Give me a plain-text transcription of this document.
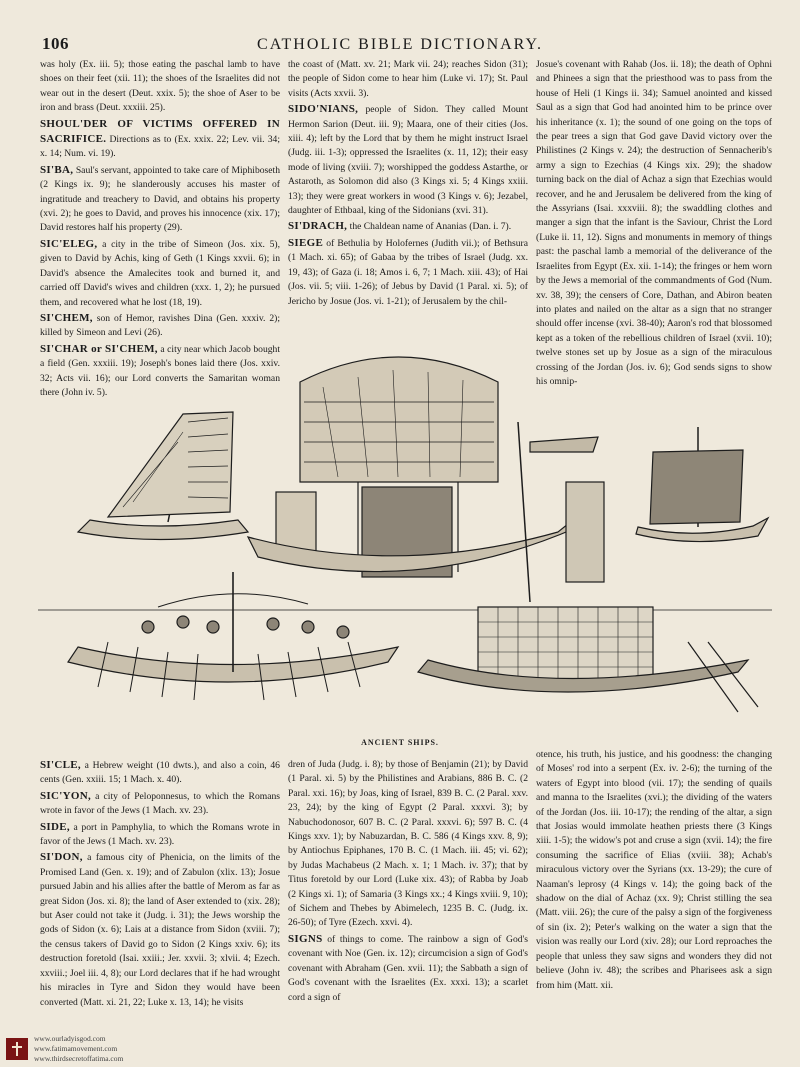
106	CATHOLIC BIBLE DICTIONARY.

was holy (Ex. iii. 5); those eating the paschal lamb to have shoes on their feet (xii. 11); the shoes of the Israelites did not wear out in the desert (Deut. xxix. 5); the shoe of Aser to be iron and brass (Deut. xxxiii. 25).

SHOUL'DER OF VICTIMS OFFERED IN SACRIFICE. Directions as to (Ex. xxix. 22; Lev. vii. 34; x. 14; Num. vi. 19).

SI'BA, Saul's servant, appointed to take care of Miphiboseth (2 Kings ix. 9); he slanderously accuses his master of ingratitude and treachery to David, and obtains his property (xvi. 2); he goes to David, and proves his innocence (xix. 17); David restores half his property (29).

SIC'ELEG, a city in the tribe of Simeon (Jos. xix. 5), given to David by Achis, king of Geth (1 Kings xxvii. 6); in David's absence the Amalecites took and burned it, and carried off David's wives and children (xxx. 1, 2); he pursued them, and recovered what he lost (18, 19).

SI'CHEM, son of Hemor, ravishes Dina (Gen. xxxiv. 2); killed by Simeon and Levi (26).

SI'CHAR or SI'CHEM, a city near which Jacob bought a field (Gen. xxxiii. 19); Joseph's bones laid there (Jos. xxiv. 32; Acts vii. 16); our Lord converts the Samaritan woman there (John iv. 5).

the coast of (Matt. xv. 21; Mark vii. 24); reaches Sidon (31); the people of Sidon come to hear him (Luke vi. 17); St. Paul visits (Acts xxvii. 3).

SIDO'NIANS, people of Sidon. They called Mount Hermon Sarion (Deut. iii. 9); Maara, one of their cities (Jos. xiii. 4); left by the Lord that by them he might instruct Israel (Judg. iii. 1-3); oppressed the Israelites (x. 11, 12); their easy mode of living (xviii. 7); worshipped the goddess Astarthe, or Astaroth, as Solomon did also (3 Kings xi. 5; 4 Kings xxiii. 13); they were great workers in wood (3 Kings v. 6); Jezabel, daughter of Ethbaal, king of the Sidonians (xvi. 31).

SI'DRACH, the Chaldean name of Ananias (Dan. i. 7).

SIEGE of Bethulia by Holofernes (Judith vii.); of Bethsura (1 Mach. xi. 65); of Gabaa by the tribes of Israel (Judg. xx. 19, 43); of Gaza (i. 18; Amos i. 6, 7; 1 Mach. xiii. 43); of Hai (Jos. vii. 5; viii. 1-26); of Jebus by David (1 Paral. xi. 5); of Jericho by Josue (Jos. vi. 1-21); of Jerusalem by the chil-

Josue's covenant with Rahab (Jos. ii. 18); the death of Ophni and Phinees a sign that the priesthood was to pass from the house of Heli (1 Kings ii. 34); Samuel anointed and kissed Saul as a sign that God had anointed him to be prince over his inheritance (x. 1); the sound of one going on the tops of the pear trees a sign that God gave David victory over the Philistines (2 Kings v. 24); the destruction of Sennacherib's army a sign to Ezechias (4 Kings xix. 29); the shadow turning back on the dial of Achaz a sign that Ezechias would recover, and he and Jerusalem be delivered from the king of the Assyrians (Isai. xxxviii. 8); the swaddling clothes and manger a sign that the infant is the Saviour, Christ the Lord (Luke ii. 11, 12). Signs and monuments in memory of things past: the paschal lamb a memorial of the deliverance of the Israelites from Egypt (Ex. xii. 1-14); the fringes or hem worn by the Jews a memorial of the commandments of God (Num. xv. 38, 39); the censers of Core, Dathan, and Abiron beaten into plates and nailed on the altar as a sign that no stranger should offer incense (xvi. 38-40); Aaron's rod that blossomed kept as a token of the rebellious children of Israel (xvii. 10); twelve stones set up by Josue as a sign of the miraculous crossing of the Jordan (Jos. iv. 6); God sends signs to show his omnip-

ANCIENT SHIPS.

SI'CLE, a Hebrew weight (10 dwts.), and also a coin, 46 cents (Gen. xxiii. 15; 1 Mach. x. 40).

SIC'YON, a city of Peloponnesus, to which the Romans wrote in favor of the Jews (1 Mach. xv. 23).

SIDE, a port in Pamphylia, to which the Romans wrote in favor of the Jews (1 Mach. xv. 23).

SI'DON, a famous city of Phenicia, on the limits of the Promised Land (Gen. x. 19); and of Zabulon (xlix. 13); Josue pursued Jabin and his allies after the battle of Merom as far as great Sidon (Jos. xi. 8); the land of Aser extended to (xix. 28); but Aser could not take it (Judg. i. 31); the Jews worship the gods of Sidon (x. 6); Lais at a distance from Sidon (xviii. 7); the census takers of David go to Sidon (2 Kings xxiv. 6); its destruction foretold (Isai. xxiii.; Jer. xxvii. 3; xlvii. 4; Ezech. xxviii.; Joel iii. 4, 8); our Lord declares that if he had wrought his miracles in Tyre and Sidon they would have been converted (Matt. xi. 21, 22; Luke x. 13, 14); he visits

dren of Juda (Judg. i. 8); by those of Benjamin (21); by David (1 Paral. xi. 5) by the Philistines and Arabians, 886 B. C. (2 Paral. xxi. 16); by Joas, king of Israel, 839 B. C. (2 Paral. xxv. 23, 24); by the king of Egypt (2 Paral. xxxvi. 3); by Nabuchodonosor, 607 B. C. (2 Paral. xxxvi. 6); 597 B. C. (4 Kings xxv. 1); by Nabuzardan, B. C. 586 (4 Kings xxv. 8, 9); by Antiochus Epiphanes, 170 B. C. (1 Mach. iii. 45; vi. 62); by Judas Machabeus (2 Mach. x. 1; 1 Mach. iv. 37); that by Titus foretold by our Lord (Luke xix. 43); of Rabba by Joab (2 Kings xi. 1); of Samaria (3 Kings xx.; 4 Kings xviii. 9, 10); of Sichem and Thebes by Abimelech, 1235 B. C. (Judg. ix. 26-50); of Tyre (Ezech. xxvi. 4).

SIGNS of things to come. The rainbow a sign of God's covenant with Noe (Gen. ix. 12); circumcision a sign of God's covenant with Abraham (Gen. xvii. 11); the Sabbath a sign of God's covenant with the Israelites (Ex. xxxi. 13); a scarlet cord a sign of

otence, his truth, his justice, and his goodness: the changing of Moses' rod into a serpent (Ex. iv. 2-6); the turning of the waters of Egypt into blood (vii. 17); the sending of quails and manna to the Israelites (xvi.); the dividing of the waters of the Jordan (Jos. iii. 10-17); the rending of the altar, a sign that Josias would immolate heathen priests there (3 Kings xiii. 1-5); the widow's pot and cruse a sign (xvii. 14); the fire consuming the sacrifice of Elias (xviii. 38); Achab's miraculous victory over the Syrians (xx. 13-29); the cure of Naaman's leprosy (4 Kings v. 14); the going back of the shadow on the dial of Achaz (xx. 9); Christ stilling the sea (Matt. viii. 26); the cure of the palsy a sign of the forgiveness of sin (ix. 2); Peter's walking on the water a sign that the vision was really our Lord (xiv. 28); our Lord reproaches the people that unless they saw signs and wonders they did not believe (John iv. 48); the scribes and Pharisees ask a sign from him (Matt. xii.

www.ourladyisgod.com
www.fatimamovement.com
www.thirdsecretoffatima.com
